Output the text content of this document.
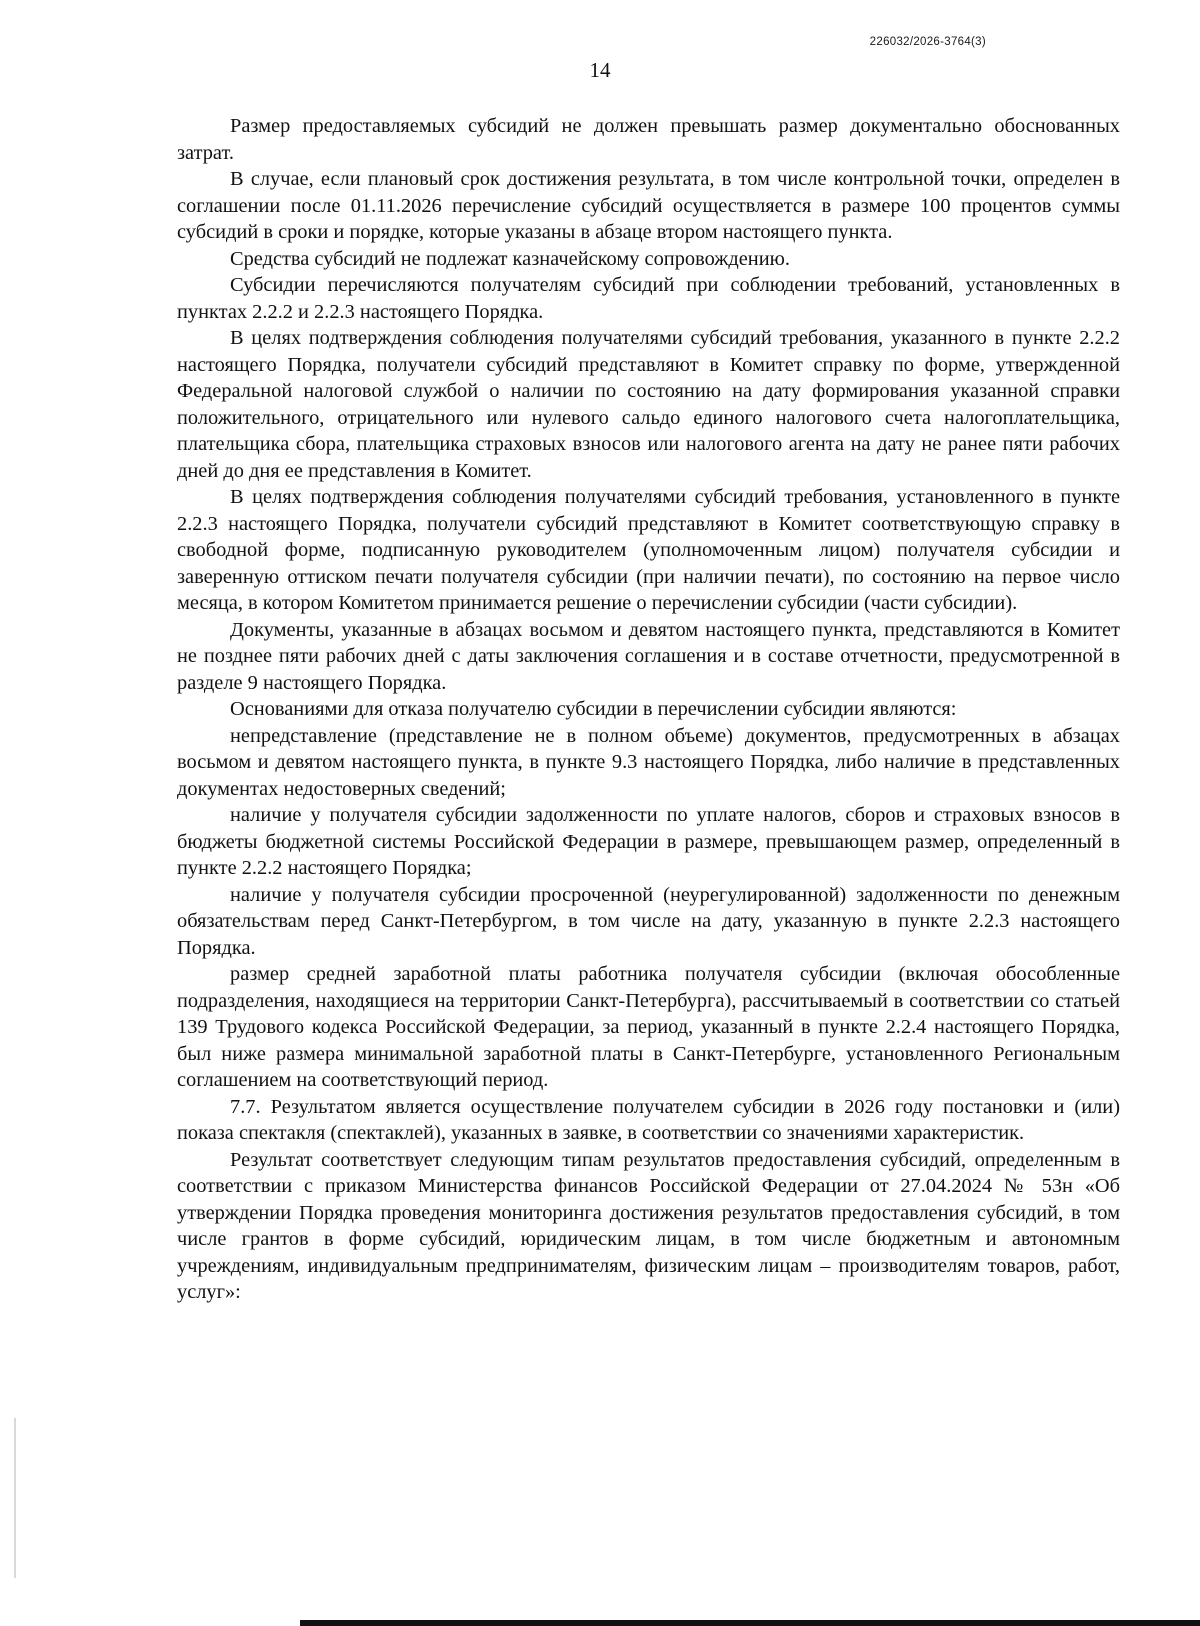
226032/2026-3764(3)
14

Размер предоставляемых субсидий не должен превышать размер документально обоснованных затрат.

В случае, если плановый срок достижения результата, в том числе контрольной точки, определен в соглашении после 01.11.2026 перечисление субсидий осуществляется в размере 100 процентов суммы субсидий в сроки и порядке, которые указаны в абзаце втором настоящего пункта.

Средства субсидий не подлежат казначейскому сопровождению.

Субсидии перечисляются получателям субсидий при соблюдении требований, установленных в пунктах 2.2.2 и 2.2.3 настоящего Порядка.

В целях подтверждения соблюдения получателями субсидий требования, указанного в пункте 2.2.2 настоящего Порядка, получатели субсидий представляют в Комитет справку по форме, утвержденной Федеральной налоговой службой о наличии по состоянию на дату формирования указанной справки положительного, отрицательного или нулевого сальдо единого налогового счета налогоплательщика, плательщика сбора, плательщика страховых взносов или налогового агента на дату не ранее пяти рабочих дней до дня ее представления в Комитет.

В целях подтверждения соблюдения получателями субсидий требования, установленного в пункте 2.2.3 настоящего Порядка, получатели субсидий представляют в Комитет соответствующую справку в свободной форме, подписанную руководителем (уполномоченным лицом) получателя субсидии и заверенную оттиском печати получателя субсидии (при наличии печати), по состоянию на первое число месяца, в котором Комитетом принимается решение о перечислении субсидии (части субсидии).

Документы, указанные в абзацах восьмом и девятом настоящего пункта, представляются в Комитет не позднее пяти рабочих дней с даты заключения соглашения и в составе отчетности, предусмотренной в разделе 9 настоящего Порядка.

Основаниями для отказа получателю субсидии в перечислении субсидии являются:

непредставление (представление не в полном объеме) документов, предусмотренных в абзацах восьмом и девятом настоящего пункта, в пункте 9.3 настоящего Порядка, либо наличие в представленных документах недостоверных сведений;

наличие у получателя субсидии задолженности по уплате налогов, сборов и страховых взносов в бюджеты бюджетной системы Российской Федерации в размере, превышающем размер, определенный в пункте 2.2.2 настоящего Порядка;

наличие у получателя субсидии просроченной (неурегулированной) задолженности по денежным обязательствам перед Санкт-Петербургом, в том числе на дату, указанную в пункте 2.2.3 настоящего Порядка.

размер средней заработной платы работника получателя субсидии (включая обособленные подразделения, находящиеся на территории Санкт-Петербурга), рассчитываемый в соответствии со статьей 139 Трудового кодекса Российской Федерации, за период, указанный в пункте 2.2.4 настоящего Порядка, был ниже размера минимальной заработной платы в Санкт-Петербурге, установленного Региональным соглашением на соответствующий период.

7.7. Результатом является осуществление получателем субсидии в 2026 году постановки и (или) показа спектакля (спектаклей), указанных в заявке, в соответствии со значениями характеристик.

Результат соответствует следующим типам результатов предоставления субсидий, определенным в соответствии с приказом Министерства финансов Российской Федерации от 27.04.2024 № 53н «Об утверждении Порядка проведения мониторинга достижения результатов предоставления субсидий, в том числе грантов в форме субсидий, юридическим лицам, в том числе бюджетным и автономным учреждениям, индивидуальным предпринимателям, физическим лицам – производителям товаров, работ, услуг»:
